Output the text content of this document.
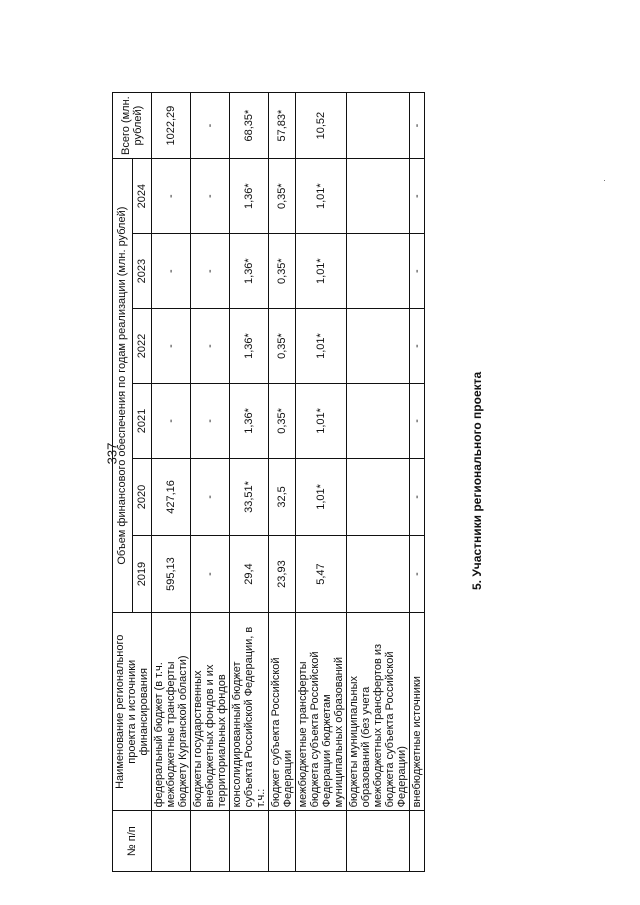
337
№ п/п	Наименование регионального проекта и источники финансирования	Объем финансового обеспечения по годам реализации (млн. рублей)						Всего (млн. рублей)
		2019	2020	2021	2022	2023	2024	
	федеральный бюджет (в т.ч. межбюджетные трансферты бюджету Курганской области)	595,13	427,16	-	-	-	-	1022,29
	бюджеты государственных внебюджетных фондов и их территориальных фондов	-	-	-	-	-	-	-
	консолидированный бюджет субъекта Российской Федерации, в т.ч.:	29,4	33,51*	1,36*	1,36*	1,36*	1,36*	68,35*
	бюджет субъекта Российской Федерации	23,93	32,5	0,35*	0,35*	0,35*	0,35*	57,83*
	межбюджетные трансферты бюджета субъекта Российской Федерации бюджетам муниципальных образований	5,47	1,01*	1,01*	1,01*	1,01*	1,01*	10,52
	бюджеты муниципальных образований (без учета межбюджетных трансфертов из бюджета субъекта Российской Федерации)							
	внебюджетные источники	-	-	-	-	-	-	-
5. Участники регионального проекта
